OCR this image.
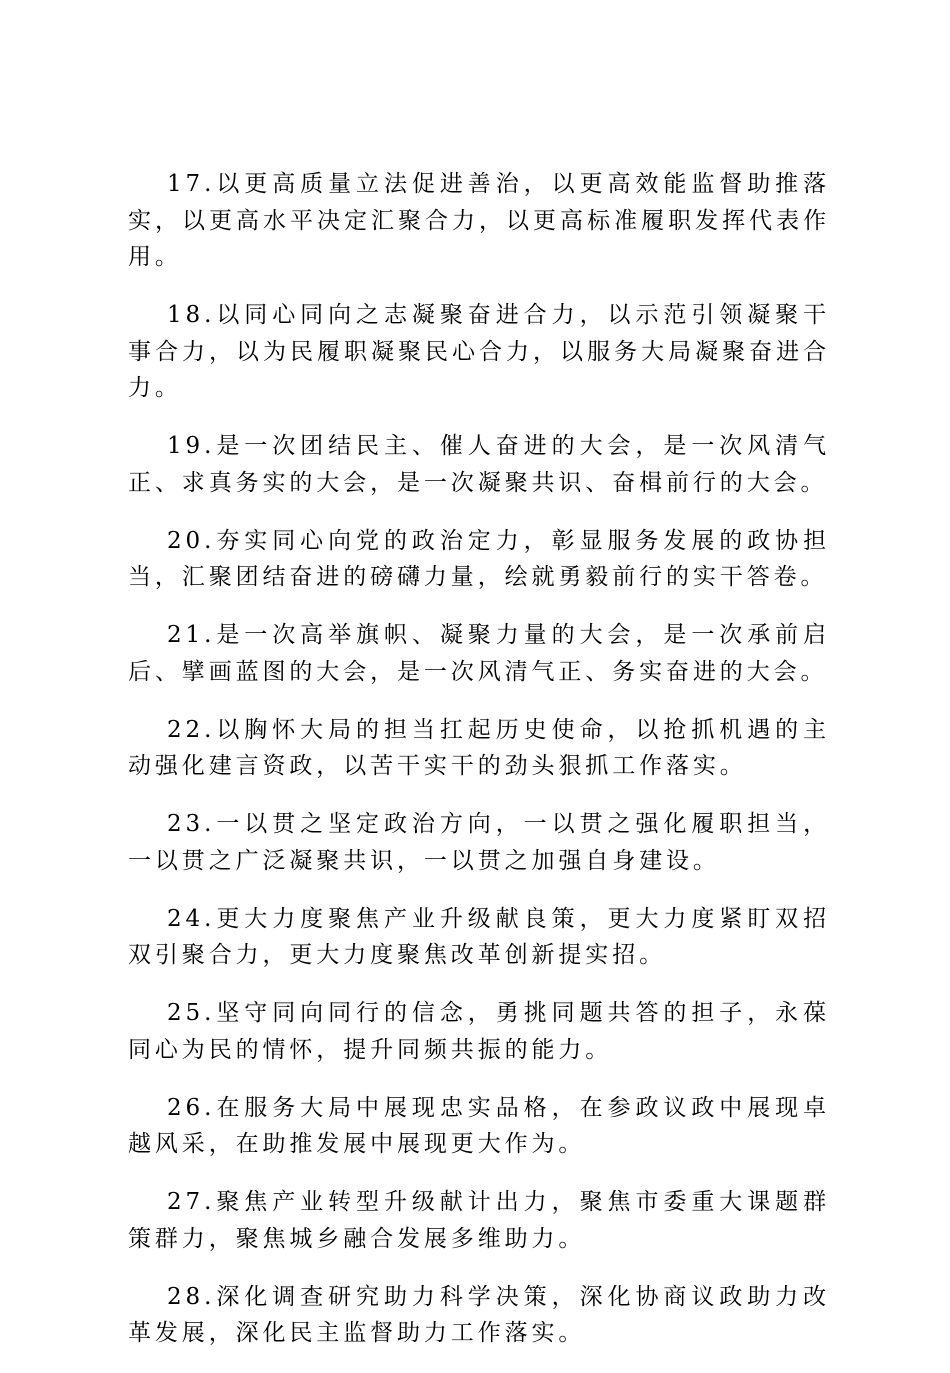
17.以更高质量立法促进善治，以更高效能监督助推落实，以更高水平决定汇聚合力，以更高标准履职发挥代表作用。

18.以同心同向之志凝聚奋进合力，以示范引领凝聚干事合力，以为民履职凝聚民心合力，以服务大局凝聚奋进合力。

19.是一次团结民主、催人奋进的大会，是一次风清气正、求真务实的大会，是一次凝聚共识、奋楫前行的大会。

20.夯实同心向党的政治定力，彰显服务发展的政协担当，汇聚团结奋进的磅礴力量，绘就勇毅前行的实干答卷。

21.是一次高举旗帜、凝聚力量的大会，是一次承前启后、擘画蓝图的大会，是一次风清气正、务实奋进的大会。

22.以胸怀大局的担当扛起历史使命，以抢抓机遇的主动强化建言资政，以苦干实干的劲头狠抓工作落实。

23.一以贯之坚定政治方向，一以贯之强化履职担当，一以贯之广泛凝聚共识，一以贯之加强自身建设。

24.更大力度聚焦产业升级献良策，更大力度紧盯双招双引聚合力，更大力度聚焦改革创新提实招。

25.坚守同向同行的信念，勇挑同题共答的担子，永葆同心为民的情怀，提升同频共振的能力。

26.在服务大局中展现忠实品格，在参政议政中展现卓越风采，在助推发展中展现更大作为。

27.聚焦产业转型升级献计出力，聚焦市委重大课题群策群力，聚焦城乡融合发展多维助力。

28.深化调查研究助力科学决策，深化协商议政助力改革发展，深化民主监督助力工作落实。
